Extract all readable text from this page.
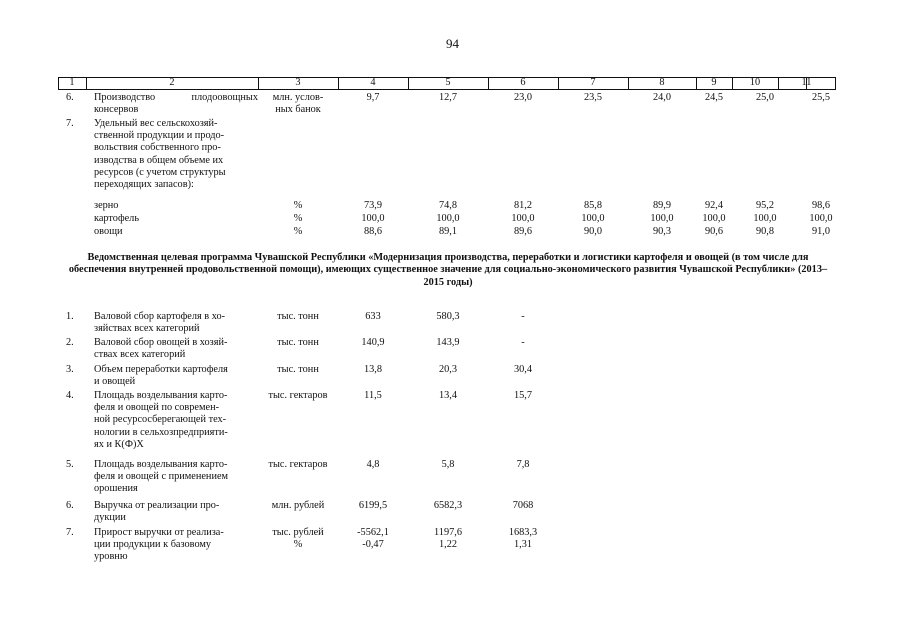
94
1	2	3	4	5	6	7	8	9	10	11
6. Производство плодоовощных консервов
млн. услов-
ных банок
9,7	12,7	23,0	23,5	24,0	24,5	25,0	25,5
7. Удельный вес сельскохозяй-
ственной продукции и продо-
вольствия собственного про-
изводства в общем объеме их
ресурсов (с учетом структуры
переходящих запасов):
зерно	%	73,9	74,8	81,2	85,8	89,9	92,4	95,2	98,6
картофель	%	100,0	100,0	100,0	100,0	100,0	100,0	100,0	100,0
овощи	%	88,6	89,1	89,6	90,0	90,3	90,6	90,8	91,0
Ведомственная целевая программа Чувашской Республики «Модернизация производства, переработки и логистики картофеля и овощей (в том числе для обеспечения внутренней продовольственной помощи), имеющих существенное значение для социально-экономического развития Чувашской Республики» (2013–2015 годы)
1. Валовой сбор картофеля в хо-
зяйствах всех категорий
тыс. тонн	633	580,3	-
2. Валовой сбор овощей в хозяй-
ствах всех категорий
тыс. тонн	140,9	143,9	-
3. Объем переработки картофеля
и овощей
тыс. тонн	13,8	20,3	30,4
4. Площадь возделывания карто-
феля и овощей по современ-
ной ресурсосберегающей тех-
нологии в сельхозпредприяти-
ях и К(Ф)Х
тыс. гектаров	11,5	13,4	15,7
5. Площадь возделывания карто-
феля и овощей с применением
орошения
тыс. гектаров	4,8	5,8	7,8
6. Выручка от реализации про-
дукции
млн. рублей	6199,5	6582,3	7068
7. Прирост выручки от реализа-
ции продукции к базовому
уровню
тыс. рублей
%
-5562,1	1197,6	1683,3
-0,47	1,22	1,31
